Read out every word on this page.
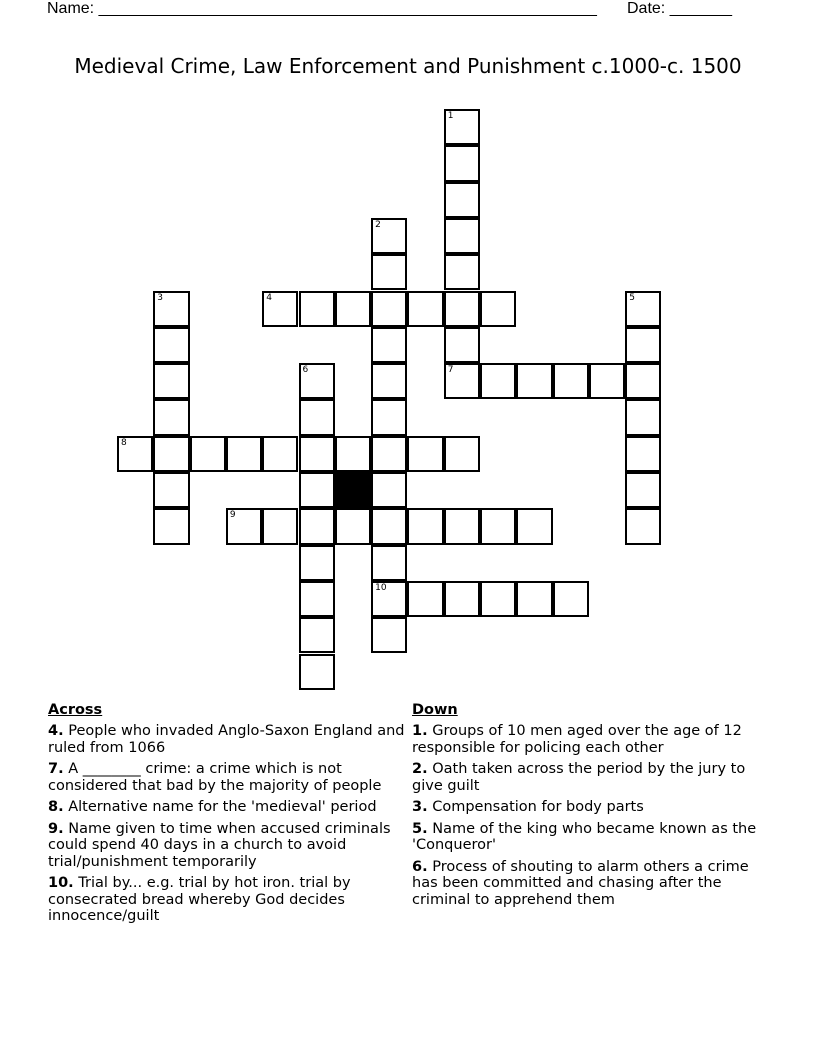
Name: ________________________________________________________ Date: _______
Medieval Crime, Law Enforcement and Punishment c.1000-c. 1500
1
7
2
10
3	4	5
6
8
9
Across
4. People who invaded Anglo-Saxon England and ruled from 1066
7. A ________ crime: a crime which is not considered that bad by the majority of people
8. Alternative name for the 'medieval' period
9. Name given to time when accused criminals could spend 40 days in a church to avoid trial/punishment temporarily
10. Trial by... e.g. trial by hot iron. trial by consecrated bread whereby God decides innocence/guilt
Down
1. Groups of 10 men aged over the age of 12 responsible for policing each other
2. Oath taken across the period by the jury to give guilt
3. Compensation for body parts
5. Name of the king who became known as the 'Conqueror'
6. Process of shouting to alarm others a crime has been committed and chasing after the criminal to apprehend them
